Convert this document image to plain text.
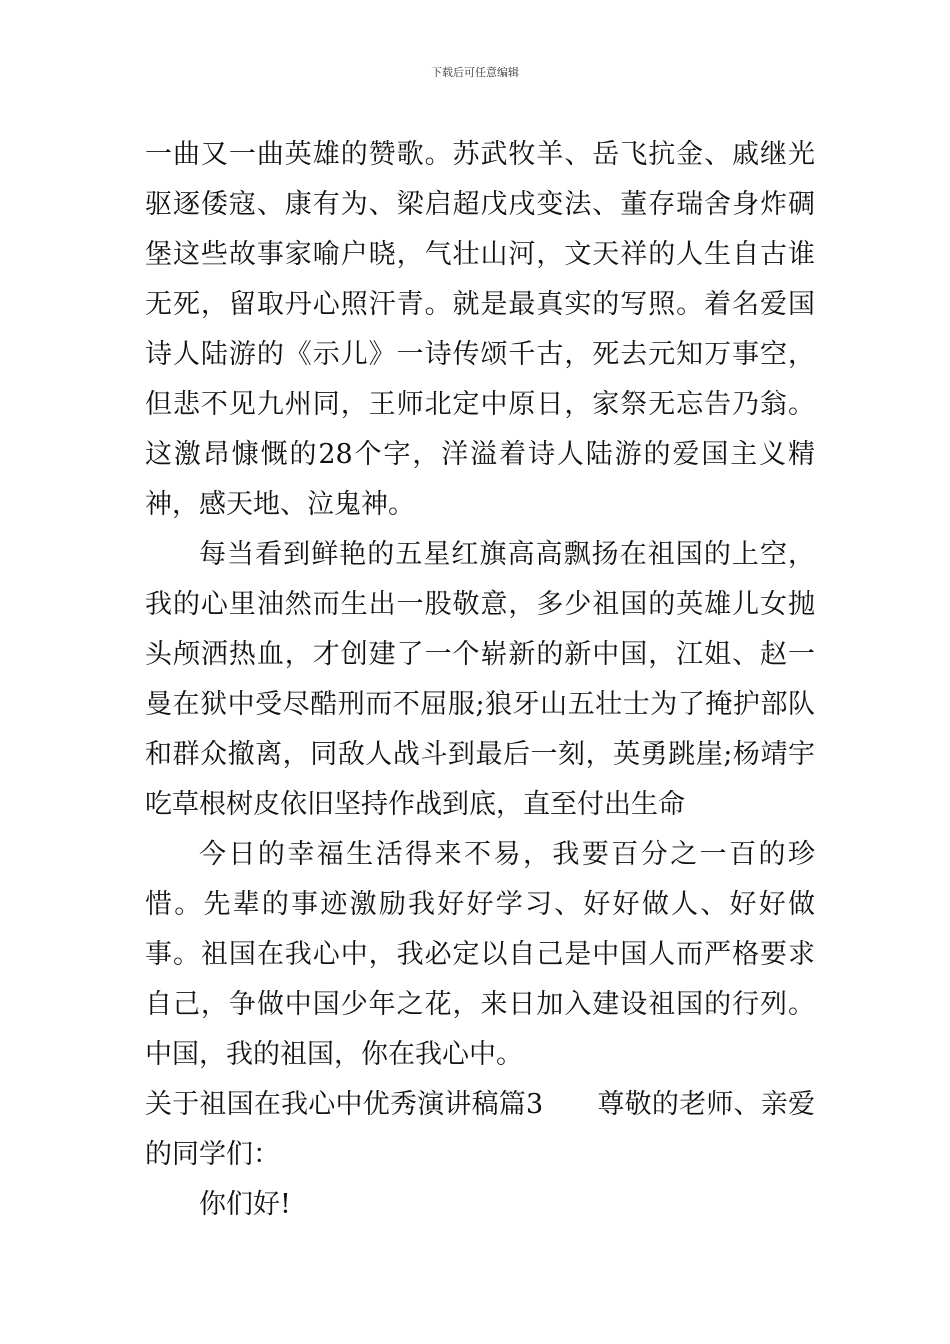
下载后可任意编辑

一曲又一曲英雄的赞歌。苏武牧羊、岳飞抗金、戚继光驱逐倭寇、康有为、梁启超戊戌变法、董存瑞舍身炸碉堡这些故事家喻户晓，气壮山河，文天祥的人生自古谁无死，留取丹心照汗青。就是最真实的写照。着名爱国诗人陆游的《示儿》一诗传颂千古，死去元知万事空，但悲不见九州同，王师北定中原日，家祭无忘告乃翁。这激昂慷慨的28个字，洋溢着诗人陆游的爱国主义精神，感天地、泣鬼神。

每当看到鲜艳的五星红旗高高飘扬在祖国的上空，我的心里油然而生出一股敬意，多少祖国的英雄儿女抛头颅洒热血，才创建了一个崭新的新中国，江姐、赵一曼在狱中受尽酷刑而不屈服;狼牙山五壮士为了掩护部队和群众撤离，同敌人战斗到最后一刻，英勇跳崖;杨靖宇吃草根树皮依旧坚持作战到底，直至付出生命

今日的幸福生活得来不易，我要百分之一百的珍惜。先辈的事迹激励我好好学习、好好做人、好好做事。祖国在我心中，我必定以自己是中国人而严格要求自己，争做中国少年之花，来日加入建设祖国的行列。中国，我的祖国，你在我心中。

关于祖国在我心中优秀演讲稿篇3 尊敬的老师、亲爱的同学们：

你们好!
